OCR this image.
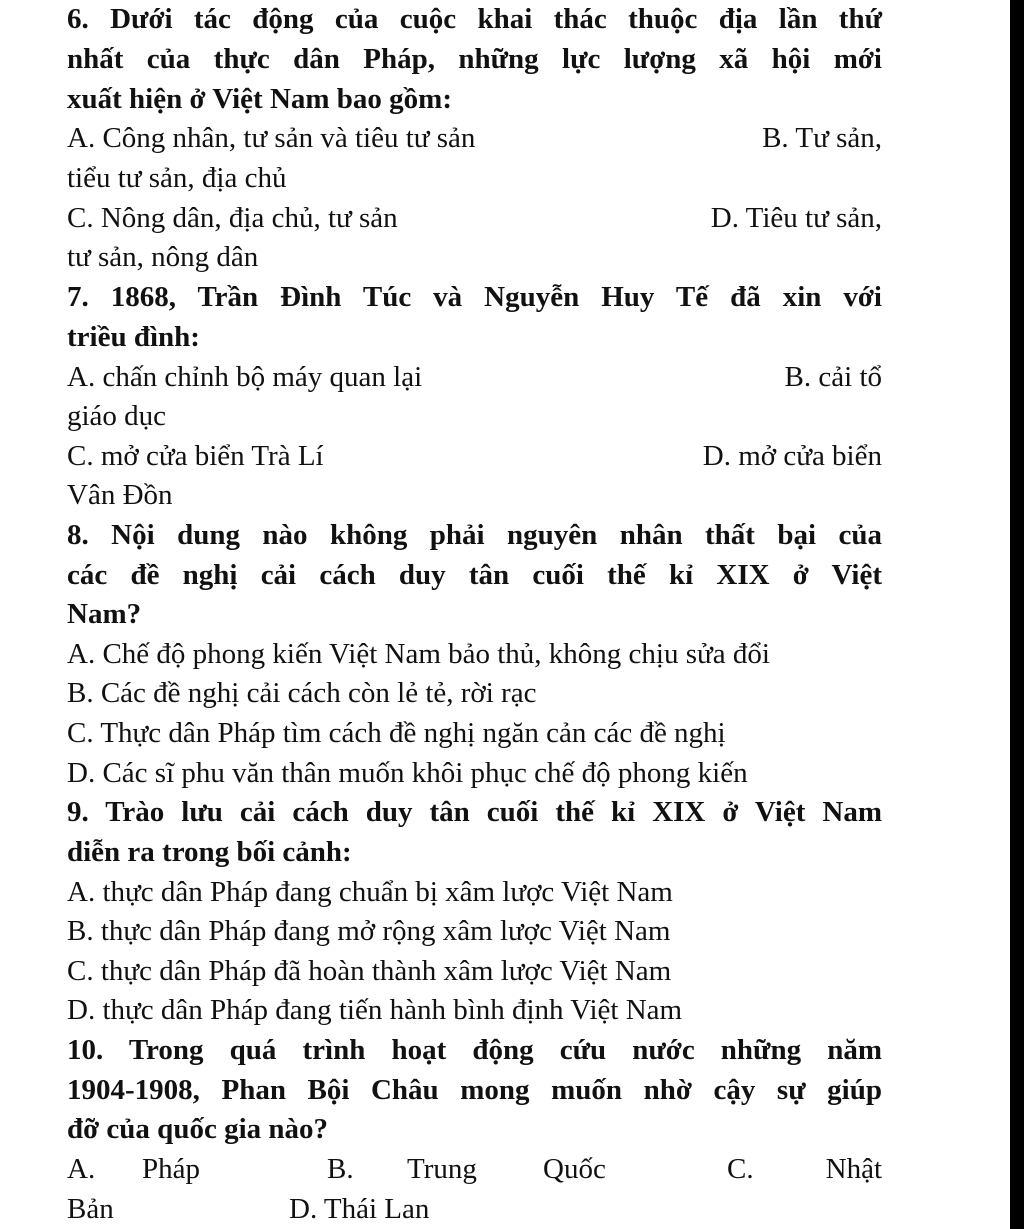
6. Dưới tác động của cuộc khai thác thuộc địa lần thứ
nhất của thực dân Pháp, những lực lượng xã hội mới
xuất hiện ở Việt Nam bao gồm:
A. Công nhân, tư sản và tiêu tư sản	B. Tư sản,
tiểu tư sản, địa chủ
C. Nông dân, địa chủ, tư sản	D. Tiêu tư sản,
tư sản, nông dân
7. 1868, Trần Đình Túc và Nguyễn Huy Tế đã xin với
triều đình:
A. chấn chỉnh bộ máy quan lại	B. cải tổ
giáo dục
C. mở cửa biển Trà Lí	D. mở cửa biển
Vân Đồn
8. Nội dung nào không phải nguyên nhân thất bại của
các đề nghị cải cách duy tân cuối thế kỉ XIX ở Việt
Nam?
A. Chế độ phong kiến Việt Nam bảo thủ, không chịu sửa đổi
B. Các đề nghị cải cách còn lẻ tẻ, rời rạc
C. Thực dân Pháp tìm cách đề nghị ngăn cản các đề nghị
D. Các sĩ phu văn thân muốn khôi phục chế độ phong kiến
9. Trào lưu cải cách duy tân cuối thế kỉ XIX ở Việt Nam
diễn ra trong bối cảnh:
A. thực dân Pháp đang chuẩn bị xâm lược Việt Nam
B. thực dân Pháp đang mở rộng xâm lược Việt Nam
C. thực dân Pháp đã hoàn thành xâm lược Việt Nam
D. thực dân Pháp đang tiến hành bình định Việt Nam
10. Trong quá trình hoạt động cứu nước những năm
1904-1908, Phan Bội Châu mong muốn nhờ cậy sự giúp
đỡ của quốc gia nào?
A.	Pháp	B.	Trung	Quốc	C.	Nhật
Bản	D. Thái Lan
